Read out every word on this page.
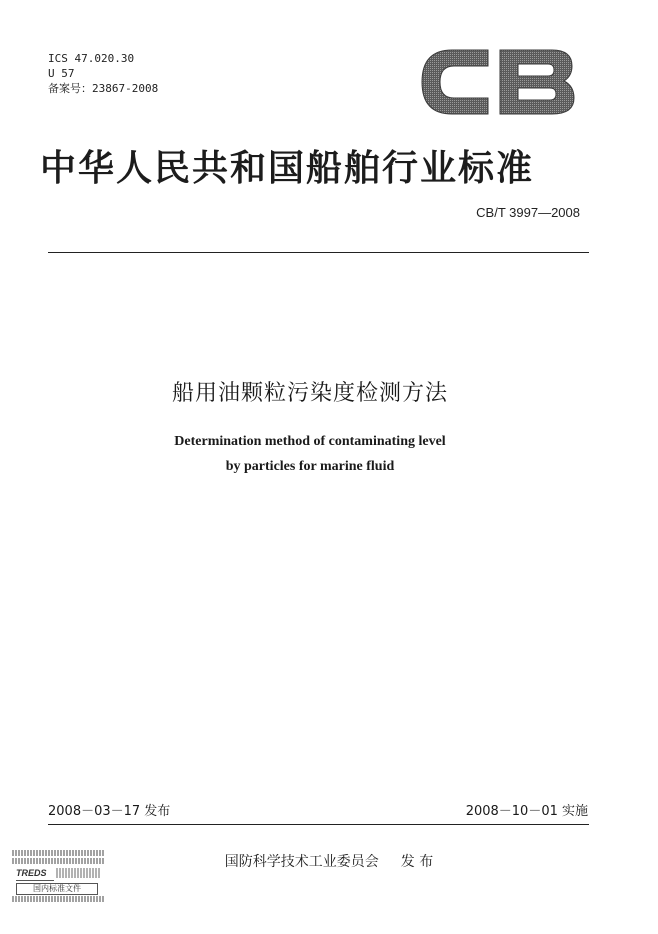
ICS 47.020.30
U 57
备案号：23867-2008
中华人民共和国船舶行业标准
CB/T 3997—2008
船用油颗粒污染度检测方法
Determination method of contaminating level
by particles for marine fluid
2008－03－17 发布	2008－10－01 实施
国防科学技术工业委员会 发 布
TREDS
国内标准文件
